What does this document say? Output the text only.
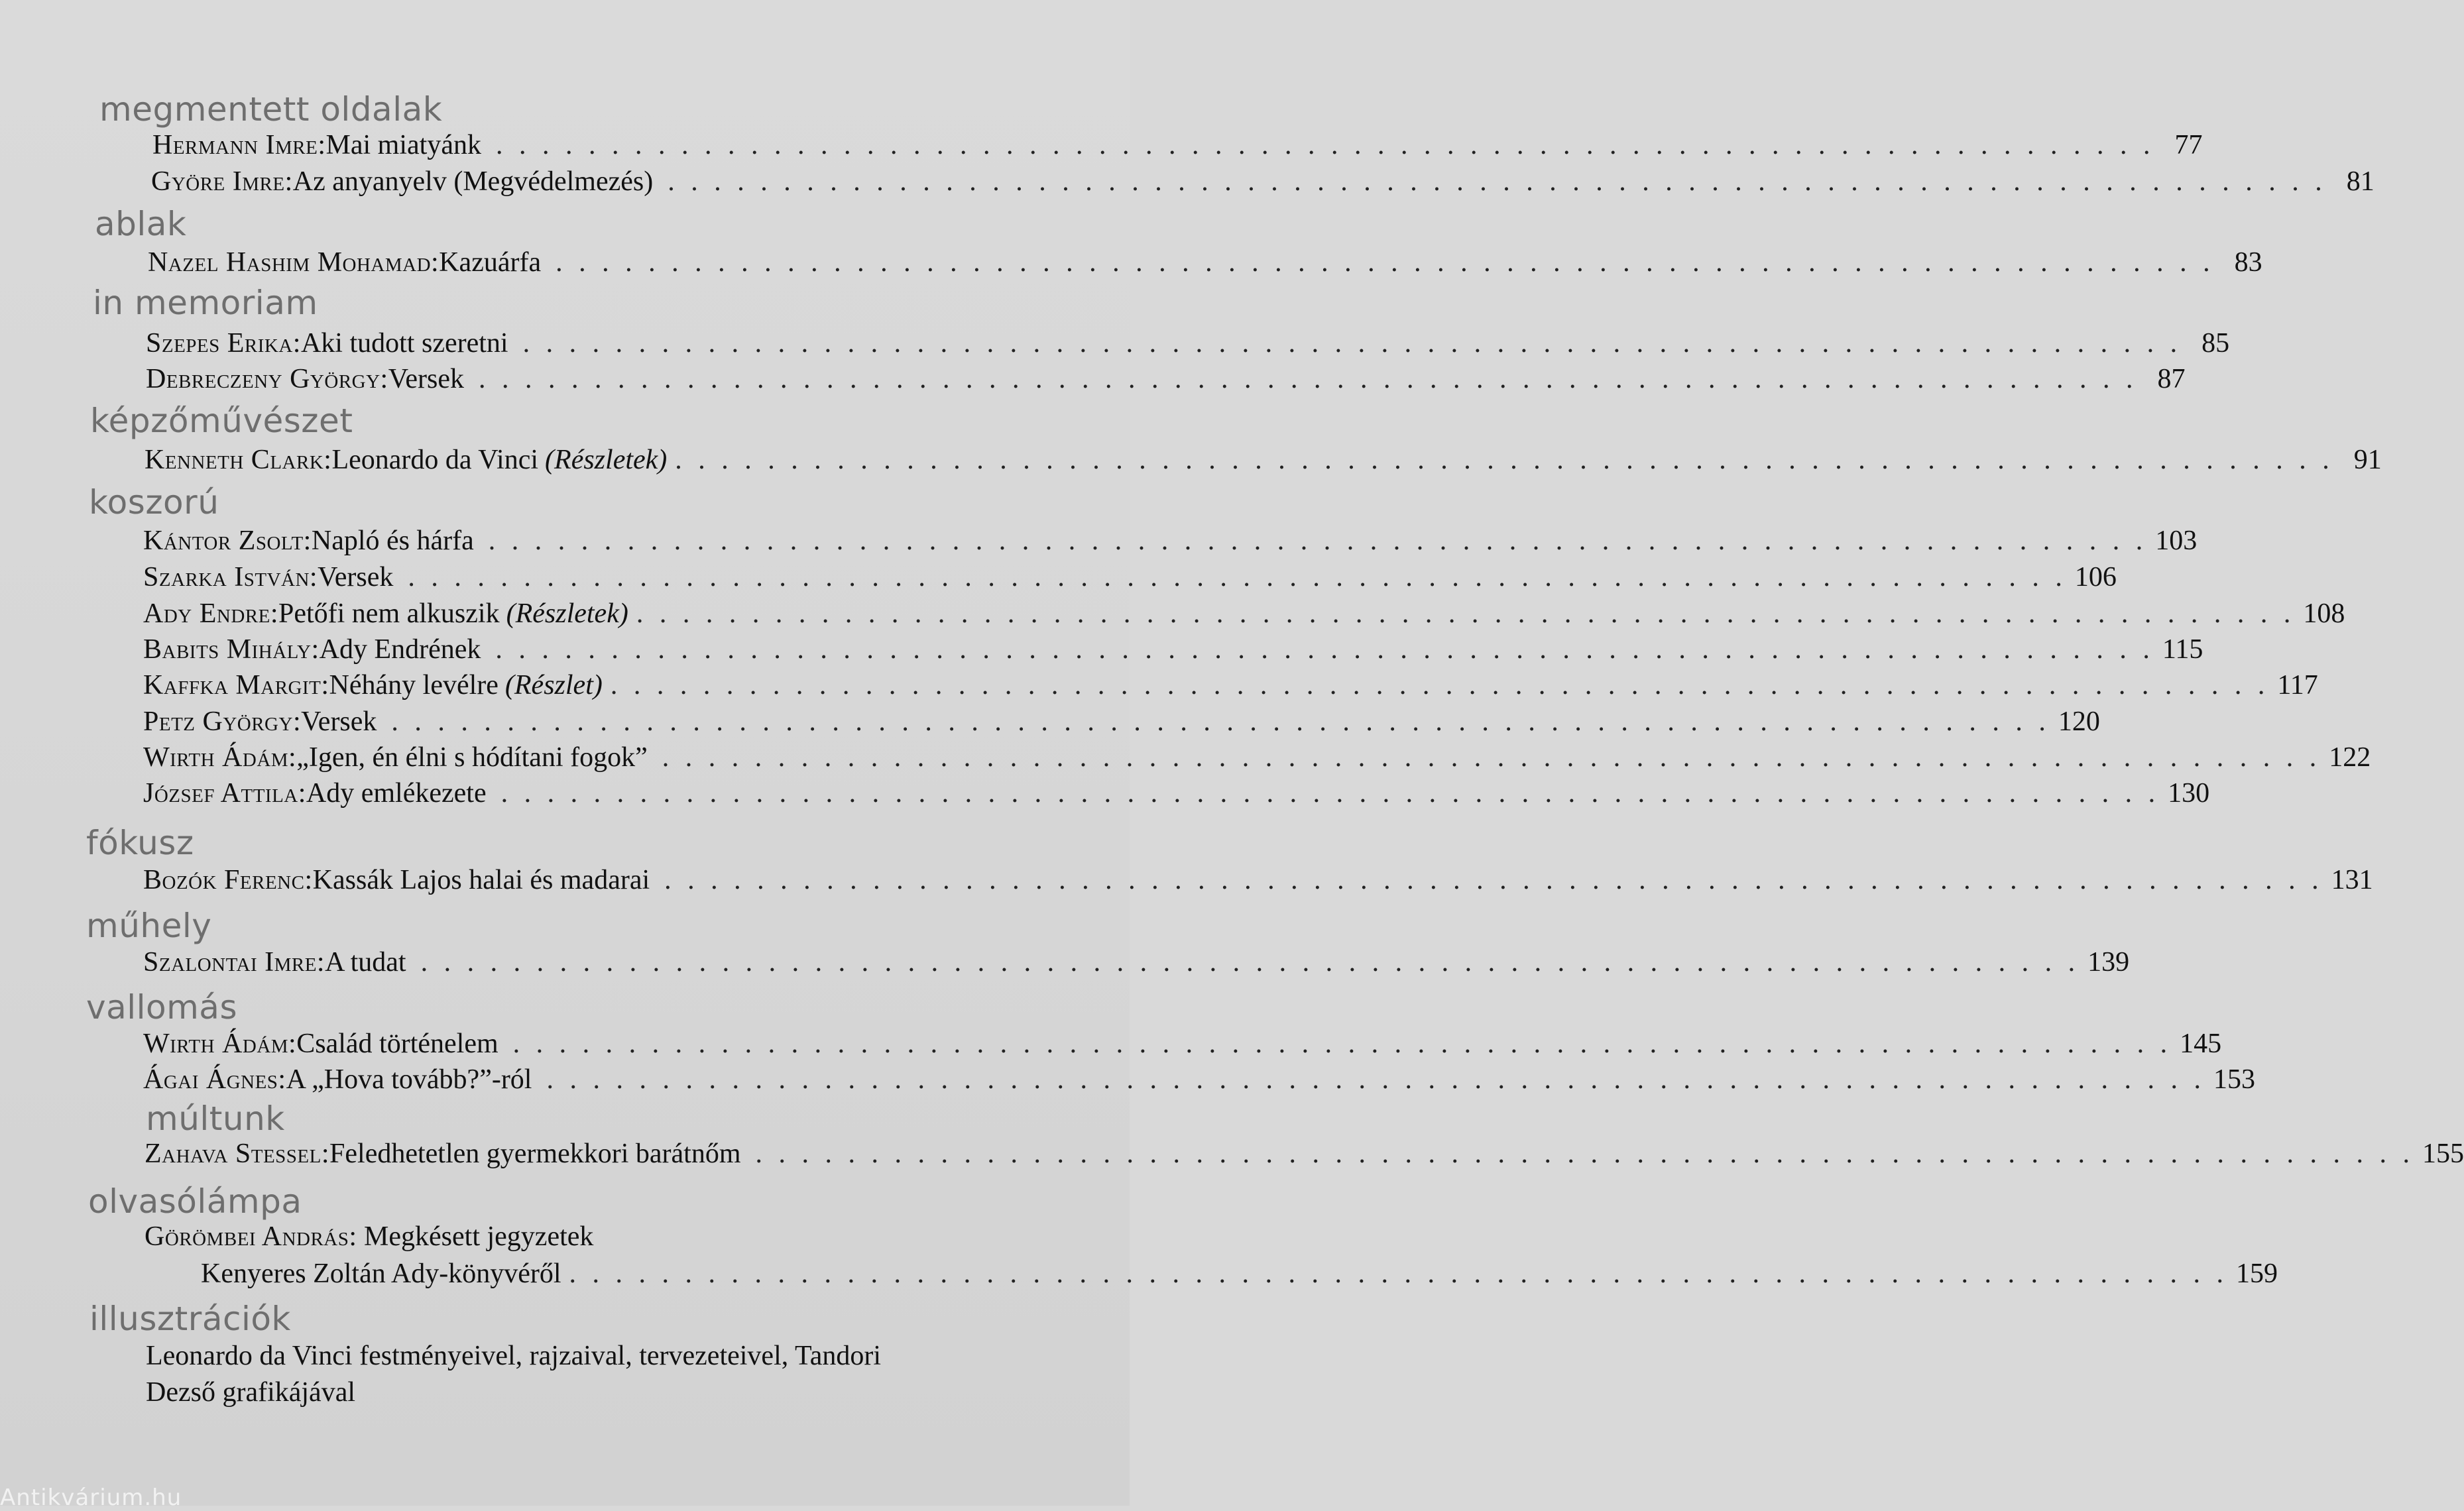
megmentett oldalak
ablak
in memoriam
képzőművészet
koszorú
fókusz
műhely
vallomás
múltunk
olvasólámpa
illusztrációk
Hermann Imre: Mai miatyánk . . . . . . . . . . . . . . . . . . . . . . . . . . . . . . . . . . . . . . . . . . . . . . . . . . . . . . . . . . . . . . . . . . . . . . . . 77
Györe Imre: Az anyanyelv (Megvédelmezés) . . . . . . . . . . . . . . . . . . . . . . . . . . . . . . . . . . . . . . . . . . . . . . . . . . . . . . . . . . . . . . . . . . . . . . . . 81
Nazel Hashim Mohamad: Kazuárfa . . . . . . . . . . . . . . . . . . . . . . . . . . . . . . . . . . . . . . . . . . . . . . . . . . . . . . . . . . . . . . . . . . . . . . . . 83
Szepes Erika: Aki tudott szeretni . . . . . . . . . . . . . . . . . . . . . . . . . . . . . . . . . . . . . . . . . . . . . . . . . . . . . . . . . . . . . . . . . . . . . . . . 85
Debreczeny György: Versek . . . . . . . . . . . . . . . . . . . . . . . . . . . . . . . . . . . . . . . . . . . . . . . . . . . . . . . . . . . . . . . . . . . . . . . . 87
Kenneth Clark: Leonardo da Vinci (Részletek) . . . . . . . . . . . . . . . . . . . . . . . . . . . . . . . . . . . . . . . . . . . . . . . . . . . . . . . . . . . . . . . . . . . . . . . . 91
Kántor Zsolt: Napló és hárfa . . . . . . . . . . . . . . . . . . . . . . . . . . . . . . . . . . . . . . . . . . . . . . . . . . . . . . . . . . . . . . . . . . . . . . . . 103
Szarka István: Versek . . . . . . . . . . . . . . . . . . . . . . . . . . . . . . . . . . . . . . . . . . . . . . . . . . . . . . . . . . . . . . . . . . . . . . . . 106
Ady Endre: Petőfi nem alkuszik (Részletek) . . . . . . . . . . . . . . . . . . . . . . . . . . . . . . . . . . . . . . . . . . . . . . . . . . . . . . . . . . . . . . . . . . . . . . . . 108
Babits Mihály: Ady Endrének . . . . . . . . . . . . . . . . . . . . . . . . . . . . . . . . . . . . . . . . . . . . . . . . . . . . . . . . . . . . . . . . . . . . . . . . 115
Kaffka Margit: Néhány levélre (Részlet) . . . . . . . . . . . . . . . . . . . . . . . . . . . . . . . . . . . . . . . . . . . . . . . . . . . . . . . . . . . . . . . . . . . . . . . . 117
Petz György: Versek . . . . . . . . . . . . . . . . . . . . . . . . . . . . . . . . . . . . . . . . . . . . . . . . . . . . . . . . . . . . . . . . . . . . . . . . 120
Wirth Ádám: „Igen, én élni s hódítani fogok” . . . . . . . . . . . . . . . . . . . . . . . . . . . . . . . . . . . . . . . . . . . . . . . . . . . . . . . . . . . . . . . . . . . . . . . . 122
József Attila: Ady emlékezete . . . . . . . . . . . . . . . . . . . . . . . . . . . . . . . . . . . . . . . . . . . . . . . . . . . . . . . . . . . . . . . . . . . . . . . . 130
Bozók Ferenc: Kassák Lajos halai és madarai . . . . . . . . . . . . . . . . . . . . . . . . . . . . . . . . . . . . . . . . . . . . . . . . . . . . . . . . . . . . . . . . . . . . . . . . 131
Szalontai Imre: A tudat . . . . . . . . . . . . . . . . . . . . . . . . . . . . . . . . . . . . . . . . . . . . . . . . . . . . . . . . . . . . . . . . . . . . . . . . 139
Wirth Ádám: Család történelem . . . . . . . . . . . . . . . . . . . . . . . . . . . . . . . . . . . . . . . . . . . . . . . . . . . . . . . . . . . . . . . . . . . . . . . . 145
Ágai Ágnes: A „Hova tovább?”-ról . . . . . . . . . . . . . . . . . . . . . . . . . . . . . . . . . . . . . . . . . . . . . . . . . . . . . . . . . . . . . . . . . . . . . . . . 153
Zahava Stessel: Feledhetetlen gyermekkori barátnőm . . . . . . . . . . . . . . . . . . . . . . . . . . . . . . . . . . . . . . . . . . . . . . . . . . . . . . . . . . . . . . . . . . . . . . . . 155
Görömbei András: Megkésett jegyzetek
Kenyeres Zoltán Ady-könyvéről . . . . . . . . . . . . . . . . . . . . . . . . . . . . . . . . . . . . . . . . . . . . . . . . . . . . . . . . . . . . . . . . . . . . . . . . 159
Leonardo da Vinci festményeivel, rajzaival, tervezeteivel, Tandori
Dezső grafikájával
Antikvárium.hu
